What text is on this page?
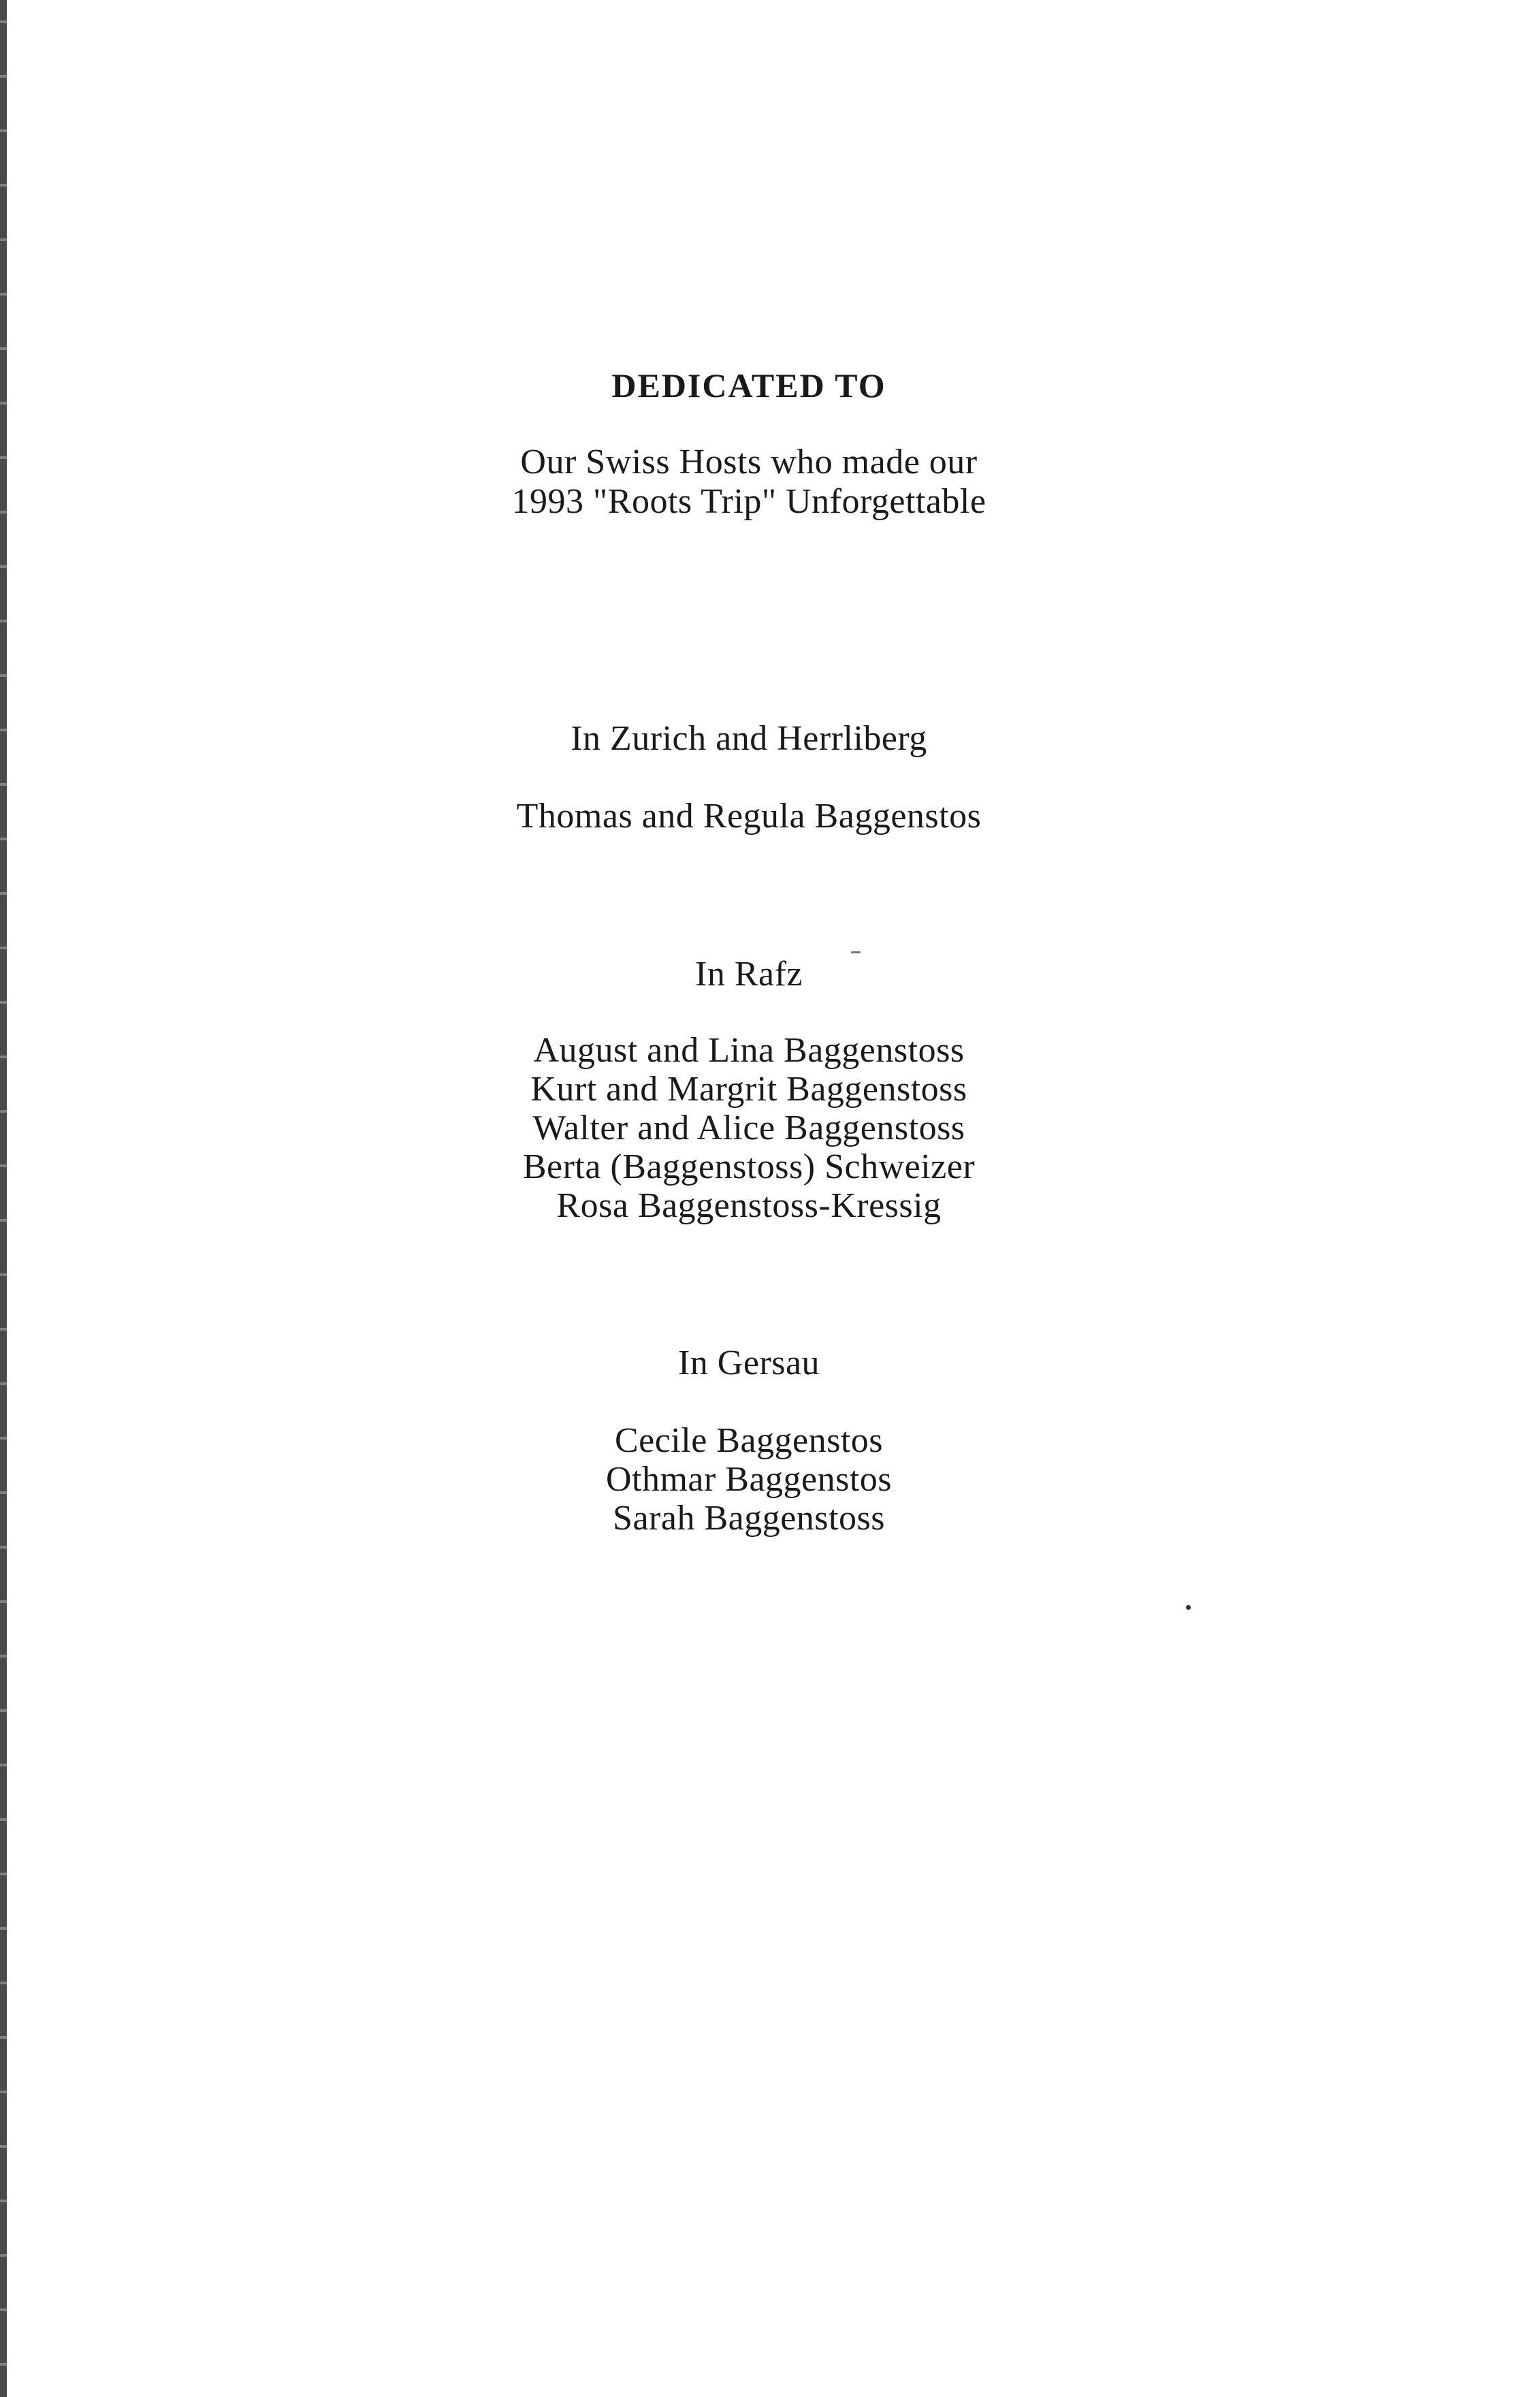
DEDICATED TO
Our Swiss Hosts who made our
1993 "Roots Trip" Unforgettable
In Zurich and Herrliberg
Thomas and Regula Baggenstos
In Rafz
August and Lina Baggenstoss
Kurt and Margrit Baggenstoss
Walter and Alice Baggenstoss
Berta (Baggenstoss) Schweizer
Rosa Baggenstoss-Kressig
In Gersau
Cecile Baggenstos
Othmar Baggenstos
Sarah Baggenstoss
